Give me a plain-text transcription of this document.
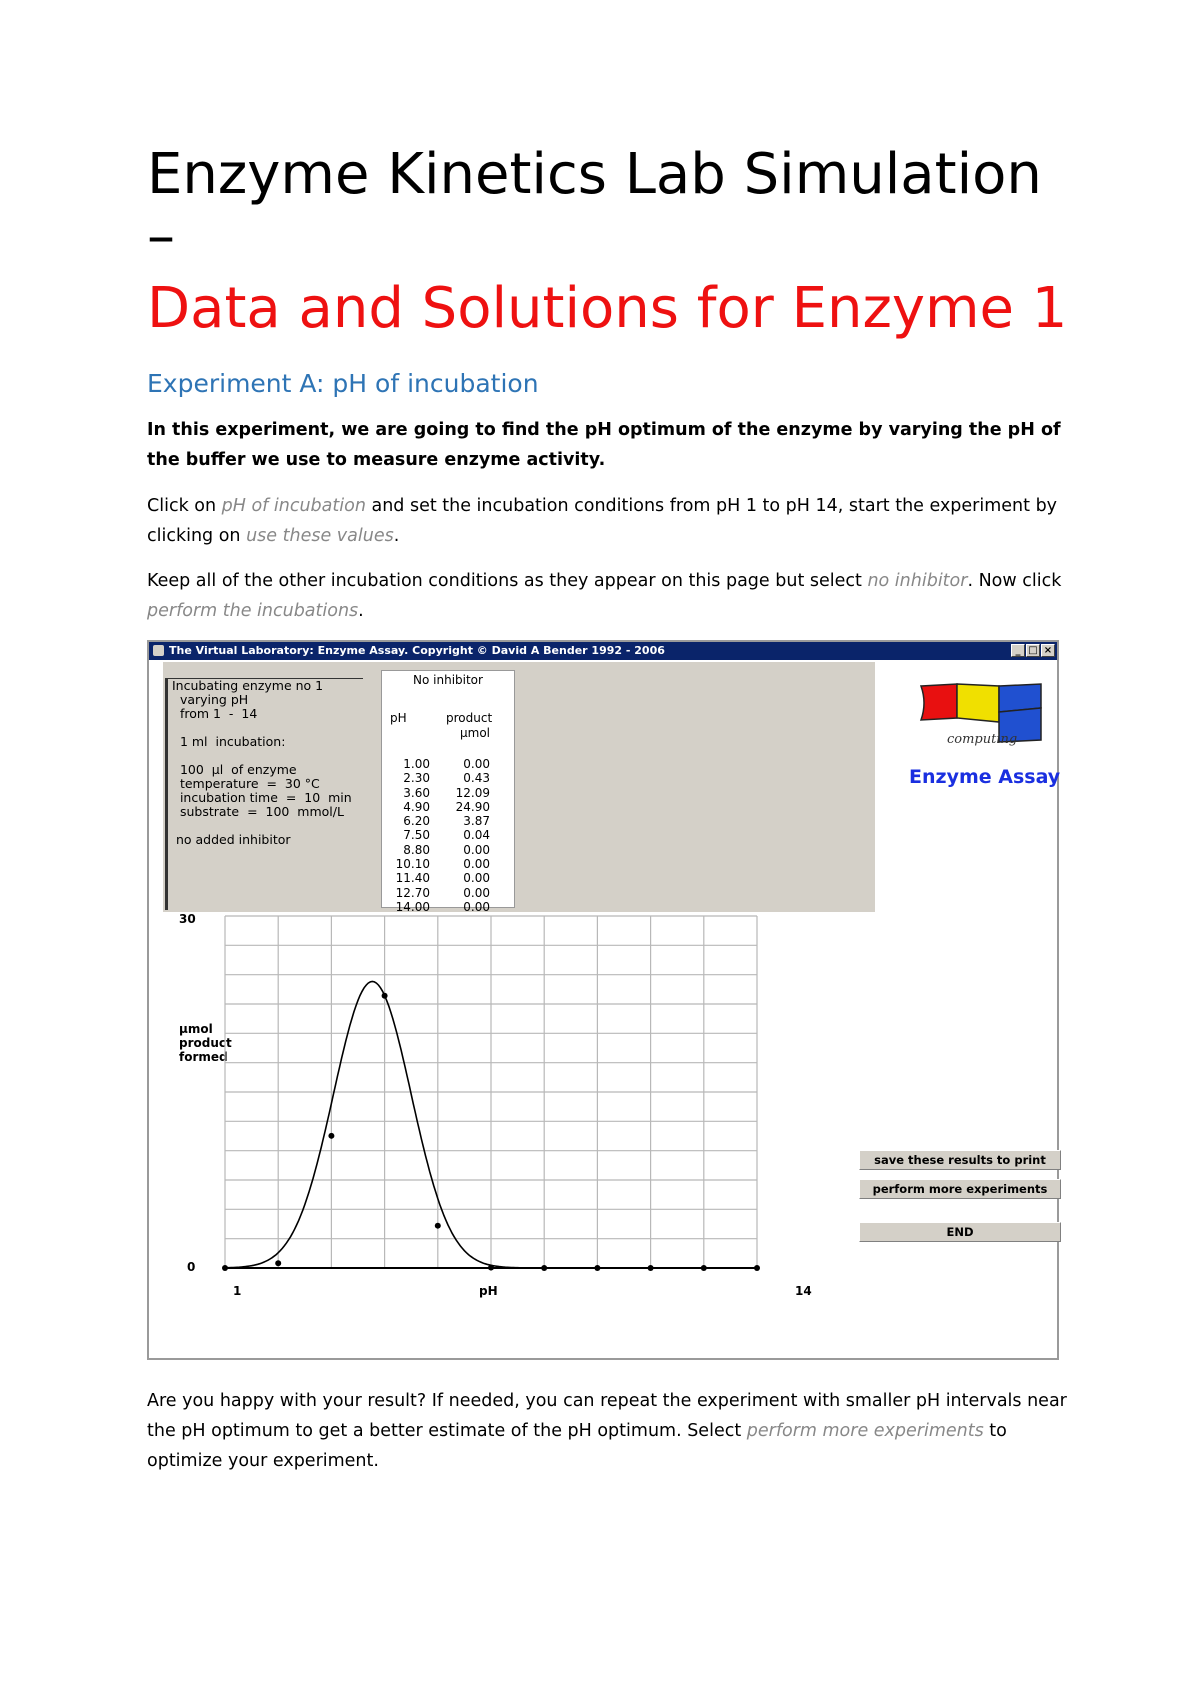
Enzyme Kinetics Lab Simulation
–
Data and Solutions for Enzyme 1
Experiment A: pH of incubation

In this experiment, we are going to find the pH optimum of the enzyme by varying the pH of the buffer we use to measure enzyme activity.

Click on pH of incubation and set the incubation conditions from pH 1 to pH 14, start the experiment by clicking on use these values.

Keep all of the other incubation conditions as they appear on this page but select no inhibitor. Now click perform the incubations.

The Virtual Laboratory: Enzyme Assay. Copyright © David A Bender 1992 - 2006	_ □ ×
Incubating enzyme no 1
varying pH
from 1  -  14

1 ml  incubation:

100  µl  of enzyme
temperature  =  30 °C
incubation time  =  10  min
substrate  =  100  mmol/L

no added inhibitor
No inhibitor
pH	product
µmol
1.00	0.00
2.30	0.43
3.60	12.09
4.90	24.90
6.20	3.87
7.50	0.04
8.80	0.00
10.10	0.00
11.40	0.00
12.70	0.00
14.00	0.00
computing
Enzyme Assay
save these results to print
perform more experiments
END
30
µmol product formed
0
1	pH	14

Are you happy with your result? If needed, you can repeat the experiment with smaller pH intervals near the pH optimum to get a better estimate of the pH optimum. Select perform more experiments to optimize your experiment.
